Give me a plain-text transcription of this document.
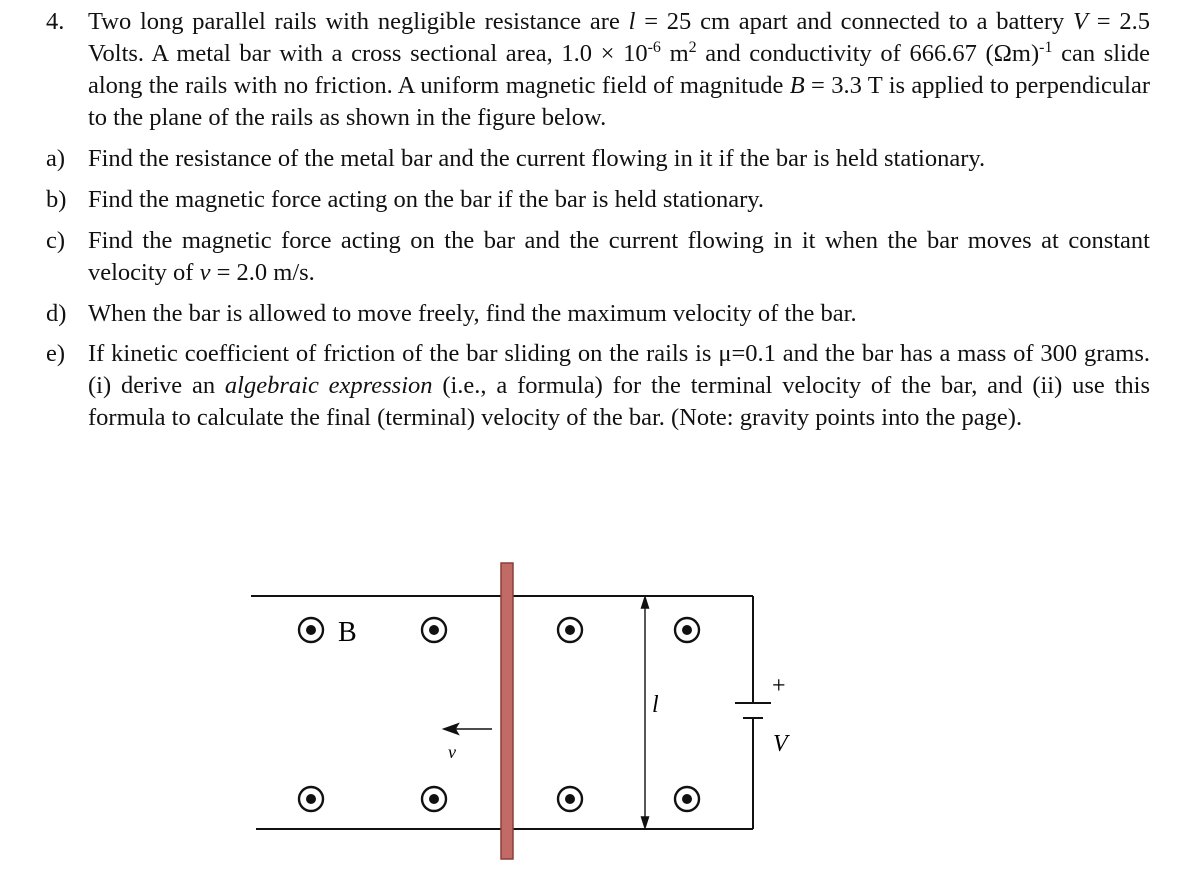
4. Two long parallel rails with negligible resistance are l = 25 cm apart and connected to a battery V = 2.5 Volts. A metal bar with a cross sectional area, $1.0 \times 10^{-6}$ $m^2$ and conductivity of 666.67 $(\Omega m)^{-1}$ can slide along the rails with no friction. A uniform magnetic field of magnitude B = 3.3 T is applied to perpendicular to the plane of the rails as shown in the figure below.
a) Find the resistance of the metal bar and the current flowing in it if the bar is held stationary.
b) Find the magnetic force acting on the bar if the bar is held stationary.
c) Find the magnetic force acting on the bar and the current flowing in it when the bar moves at constant velocity of v = 2.0 m/s.
d) When the bar is allowed to move freely, find the maximum velocity of the bar.
e) If kinetic coefficient of friction of the bar sliding on the rails is μ=0.1 and the bar has a mass of 300 grams. (i) derive an algebraic expression (i.e., a formula) for the terminal velocity of the bar, and (ii) use this formula to calculate the final (terminal) velocity of the bar. (Note: gravity points into the page).
+
V
l
B
v
